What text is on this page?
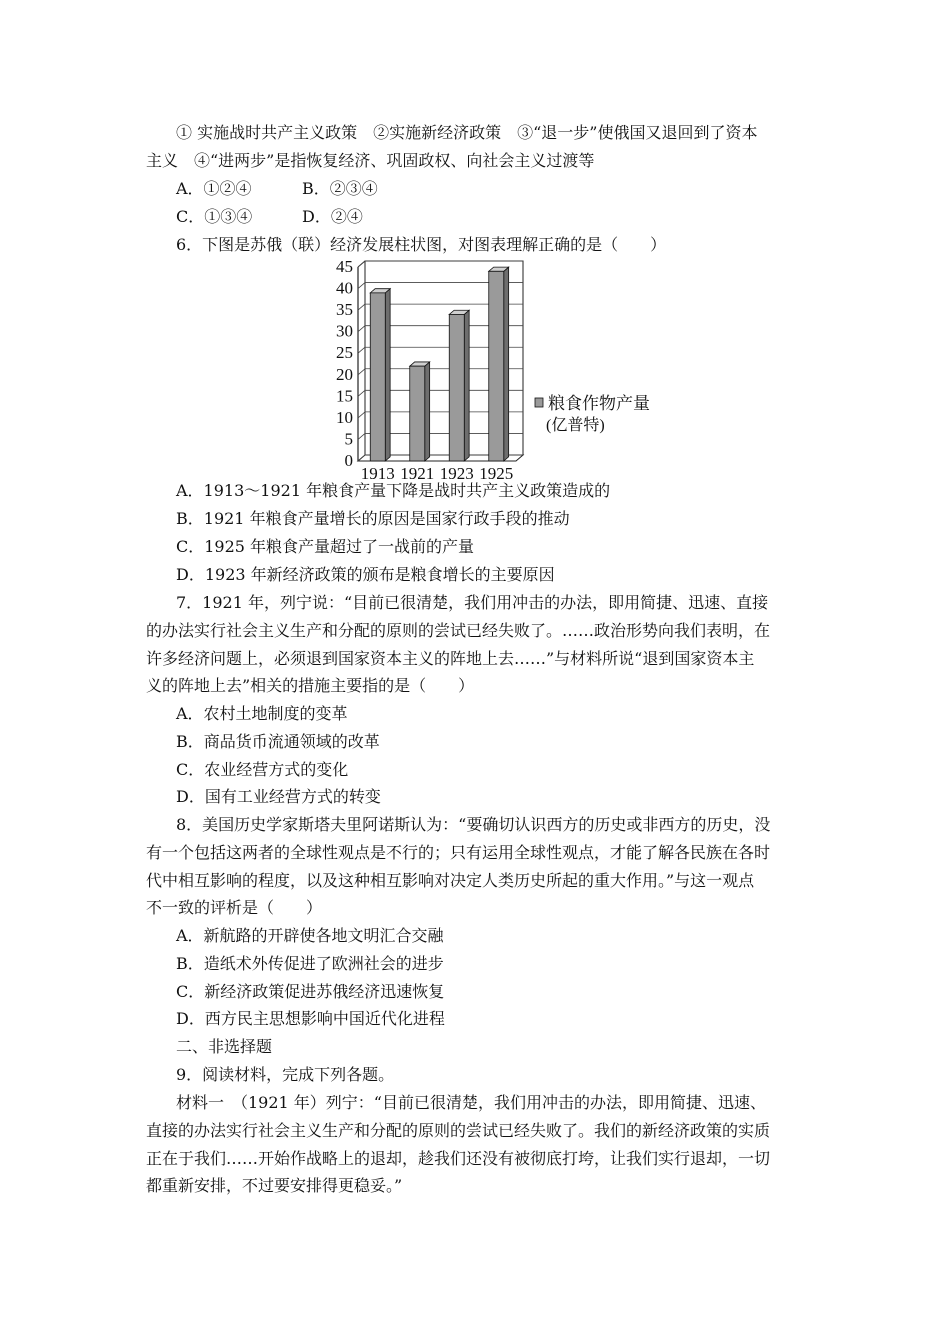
① 实施战时共产主义政策　②实施新经济政策　③“退一步”使俄国又退回到了资本
主义　④“进两步”是指恢复经济、巩固政权、向社会主义过渡等
A．①②④	B．②③④
C．①③④	D．②④
6．下图是苏俄（联）经济发展柱状图，对图表理解正确的是（　　）
0
5
10
15
20
25
30
35
40
45
1913 1921 1923 1925
粮食作物产量
(亿普特)
A．1913～1921 年粮食产量下降是战时共产主义政策造成的
B．1921 年粮食产量增长的原因是国家行政手段的推动
C．1925 年粮食产量超过了一战前的产量
D．1923 年新经济政策的颁布是粮食增长的主要原因
7．1921 年，列宁说：“目前已很清楚，我们用冲击的办法，即用简捷、迅速、直接
的办法实行社会主义生产和分配的原则的尝试已经失败了。……政治形势向我们表明，在
许多经济问题上，必须退到国家资本主义的阵地上去……”与材料所说“退到国家资本主
义的阵地上去”相关的措施主要指的是（　　）
A．农村土地制度的变革
B．商品货币流通领域的改革
C．农业经营方式的变化
D．国有工业经营方式的转变
8．美国历史学家斯塔夫里阿诺斯认为：“要确切认识西方的历史或非西方的历史，没
有一个包括这两者的全球性观点是不行的；只有运用全球性观点，才能了解各民族在各时
代中相互影响的程度，以及这种相互影响对决定人类历史所起的重大作用。”与这一观点
不一致的评析是（　　）
A．新航路的开辟使各地文明汇合交融
B．造纸术外传促进了欧洲社会的进步
C．新经济政策促进苏俄经济迅速恢复
D．西方民主思想影响中国近代化进程
二、非选择题
9．阅读材料，完成下列各题。
材料一　（1921 年）列宁：“目前已很清楚，我们用冲击的办法，即用简捷、迅速、
直接的办法实行社会主义生产和分配的原则的尝试已经失败了。我们的新经济政策的实质
正在于我们……开始作战略上的退却，趁我们还没有被彻底打垮，让我们实行退却，一切
都重新安排，不过要安排得更稳妥。”
